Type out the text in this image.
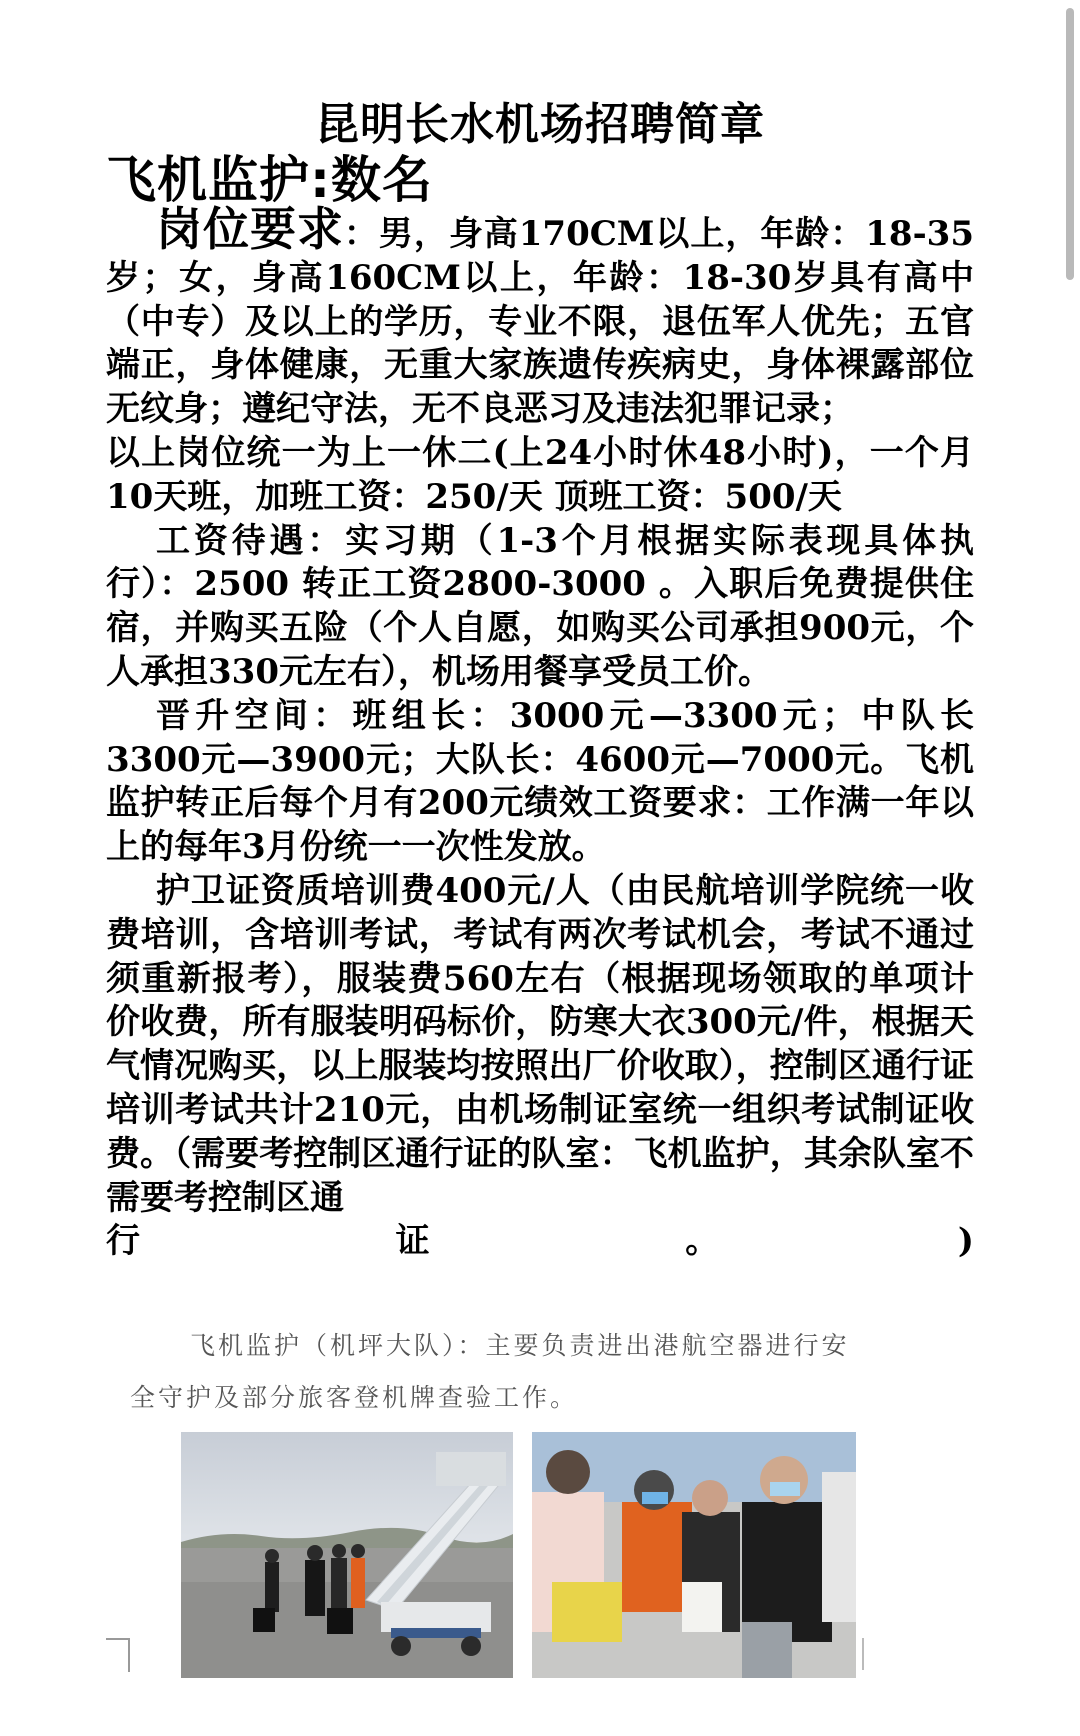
昆明长水机场招聘简章
飞机监护:数名

岗位要求：男，身高170CM以上，年龄：18-35岁；女，身高160CM以上，年龄：18-30岁具有高中（中专）及以上的学历，专业不限，退伍军人优先；五官端正，身体健康，无重大家族遗传疾病史，身体裸露部位无纹身；遵纪守法，无不良恶习及违法犯罪记录；

以上岗位统一为上一休二(上24小时休48小时)，一个月10天班，加班工资：250/天 顶班工资：500/天

工资待遇：实习期（1-3个月根据实际表现具体执行）：2500 转正工资2800-3000 。入职后免费提供住宿，并购买五险（个人自愿，如购买公司承担900元，个人承担330元左右），机场用餐享受员工价。

晋升空间：班组长：3000元—3300元；中队长3300元—3900元；大队长：4600元—7000元。飞机监护转正后每个月有200元绩效工资要求：工作满一年以上的每年3月份统一一次性发放。

护卫证资质培训费400元/人（由民航培训学院统一收费培训，含培训考试，考试有两次考试机会，考试不通过须重新报考），服装费560左右（根据现场领取的单项计价收费，所有服装明码标价，防寒大衣300元/件，根据天气情况购买，以上服装均按照出厂价收取），控制区通行证培训考试共计210元，由机场制证室统一组织考试制证收费。（需要考控制区通行证的队室：飞机监护，其余队室不需要考控制区通

行证。)

飞机监护（机坪大队）：主要负责进出港航空器进行安
全守护及部分旅客登机牌查验工作。
